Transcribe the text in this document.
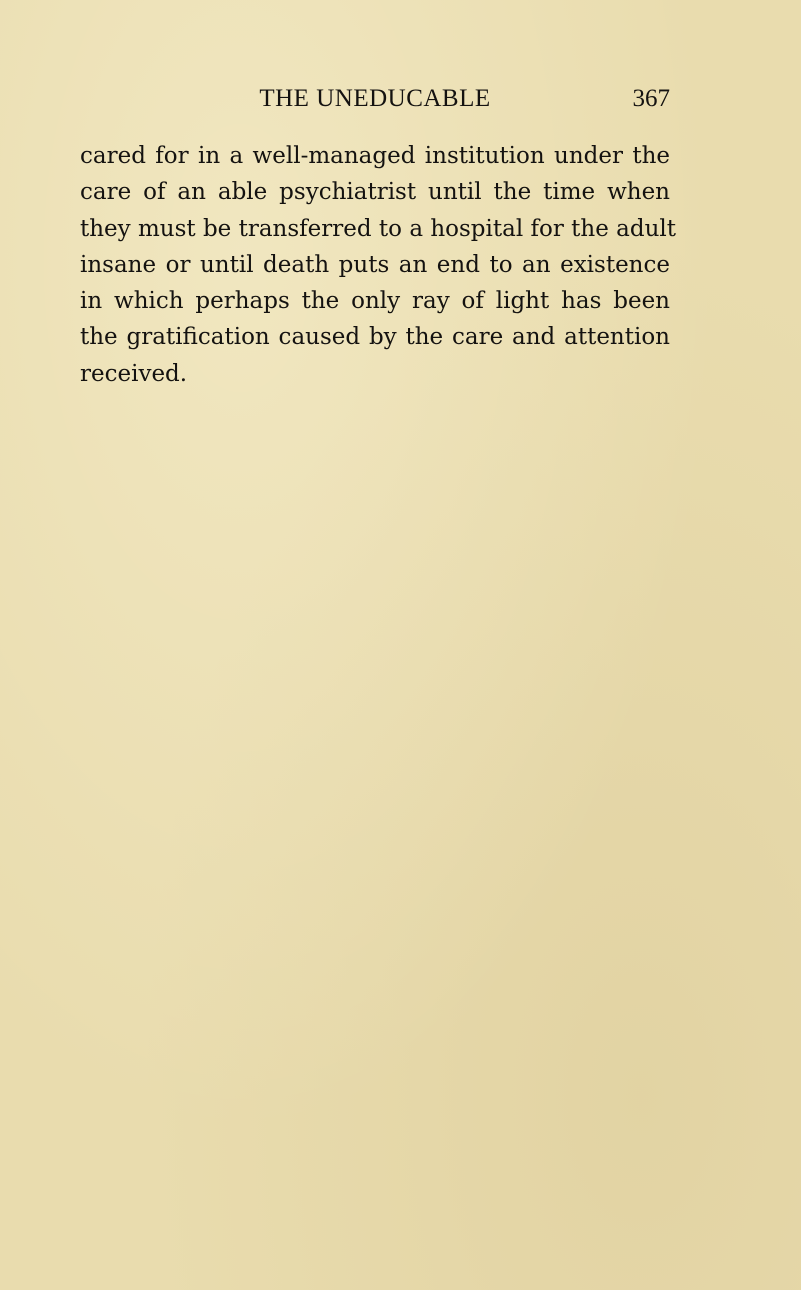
THE UNEDUCABLE	367
cared for in a well-managed institution under the
care of an able psychiatrist until the time when
they must be transferred to a hospital for the adult
insane or until death puts an end to an existence
in which perhaps the only ray of light has been
the gratification caused by the care and attention
received.
